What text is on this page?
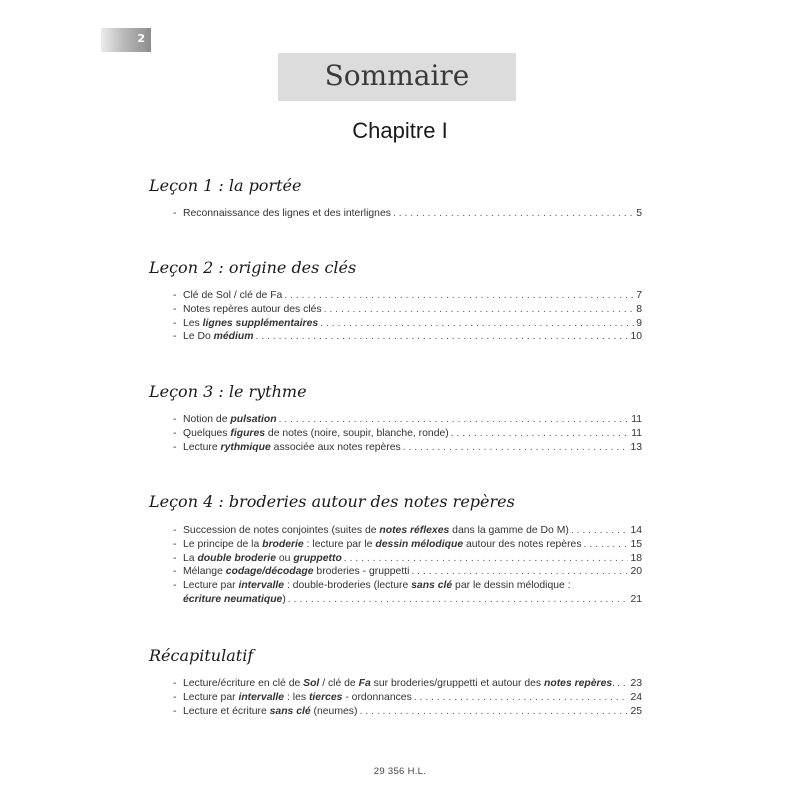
2
Sommaire
Chapitre I
Leçon 1 : la portée
- Reconnaissance des lignes et des interlignes . . .	5
Leçon 2 : origine des clés
- Clé de Sol / clé de Fa . . .	7
- Notes repères autour des clés . . .	8
- Les lignes supplémentaires . . .	9
- Le Do médium . . .	10
Leçon 3 : le rythme
- Notion de pulsation . . .	11
- Quelques figures de notes (noire, soupir, blanche, ronde) . . .	11
- Lecture rythmique associée aux notes repères . . .	13
Leçon 4 : broderies autour des notes repères
- Succession de notes conjointes (suites de notes réflexes dans la gamme de Do M) . . .	14
- Le principe de la broderie : lecture par le dessin mélodique autour des notes repères . . .	15
- La double broderie ou gruppetto . . .	18
- Mélange codage/décodage broderies - gruppetti . . .	20
- Lecture par intervalle : double-broderies (lecture sans clé par le dessin mélodique :
écriture neumatique) . . .	21
Récapitulatif
- Lecture/écriture en clé de Sol / clé de Fa sur broderies/gruppetti et autour des notes repères. . . . 23
- Lecture par intervalle : les tierces - ordonnances . . .	24
- Lecture et écriture sans clé (neumes) . . .	25
29 356 H.L.
